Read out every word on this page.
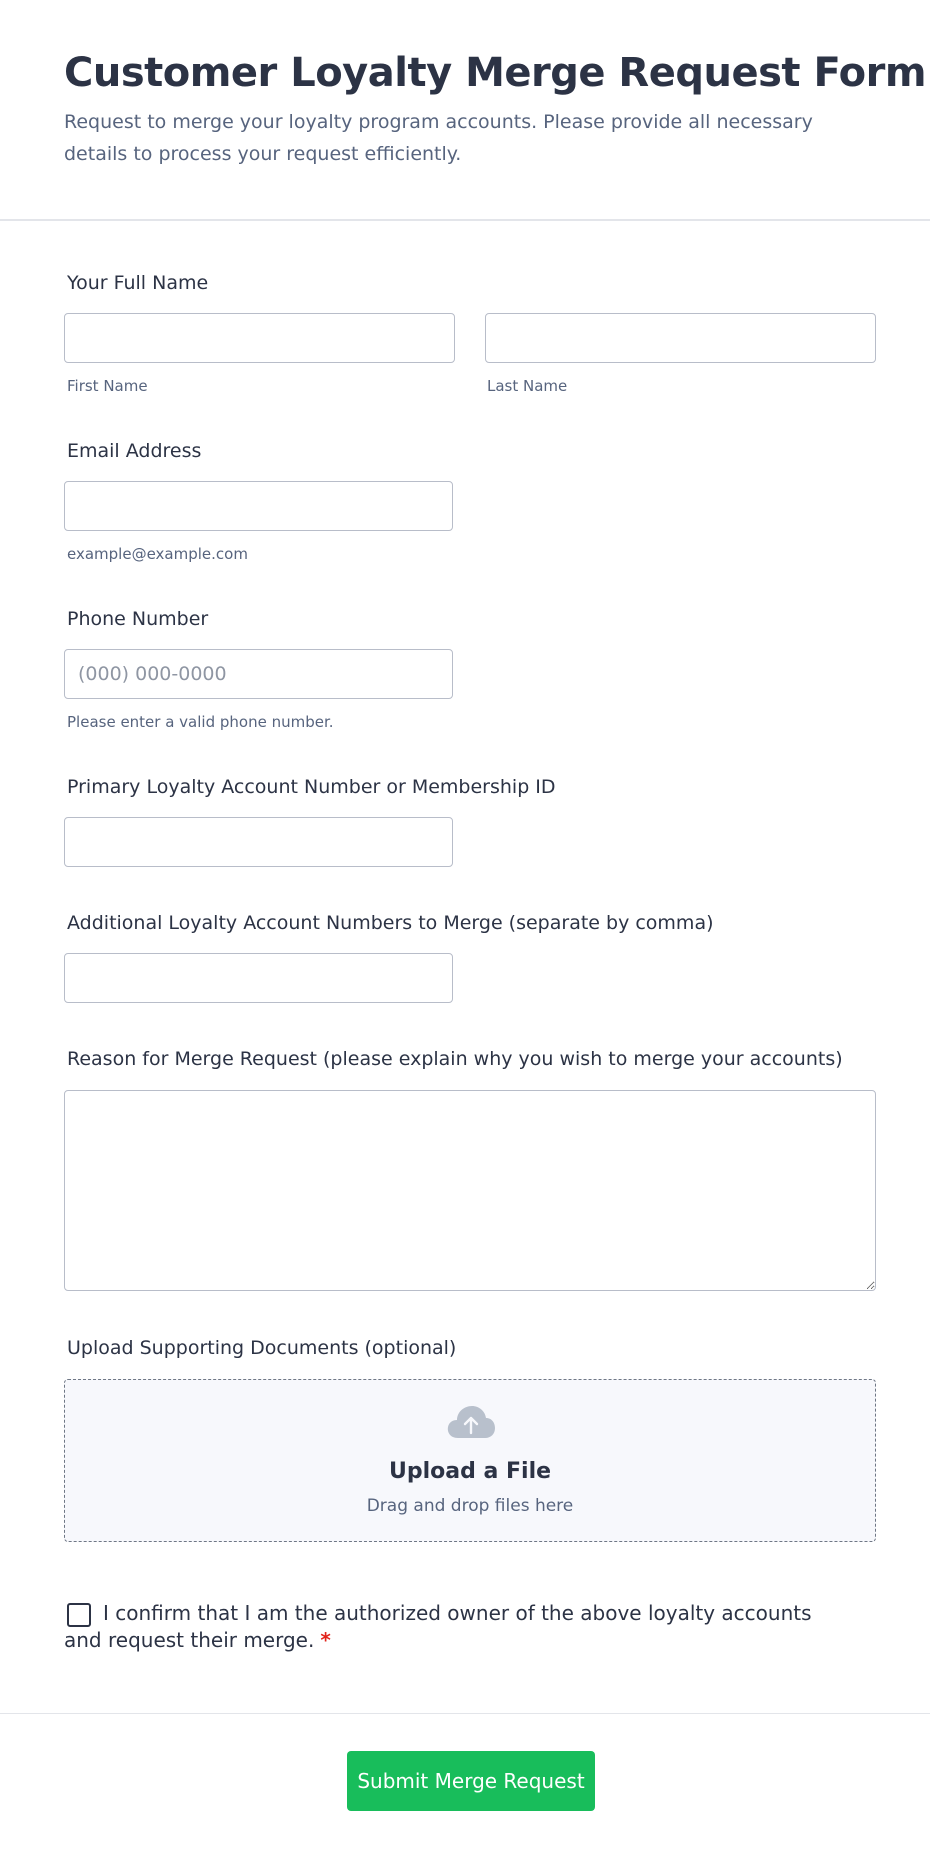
Customer Loyalty Merge Request Form

Request to merge your loyalty program accounts. Please provide all necessary details to process your request efficiently.

Your Full Name
First Name	Last Name
Email Address
example@example.com
Phone Number
(000) 000-0000
Please enter a valid phone number.
Primary Loyalty Account Number or Membership ID
Additional Loyalty Account Numbers to Merge (separate by comma)
Reason for Merge Request (please explain why you wish to merge your accounts)
Upload Supporting Documents (optional)
Upload a File
Drag and drop files here
I confirm that I am the authorized owner of the above loyalty accounts
and request their merge. *
Submit Merge Request
